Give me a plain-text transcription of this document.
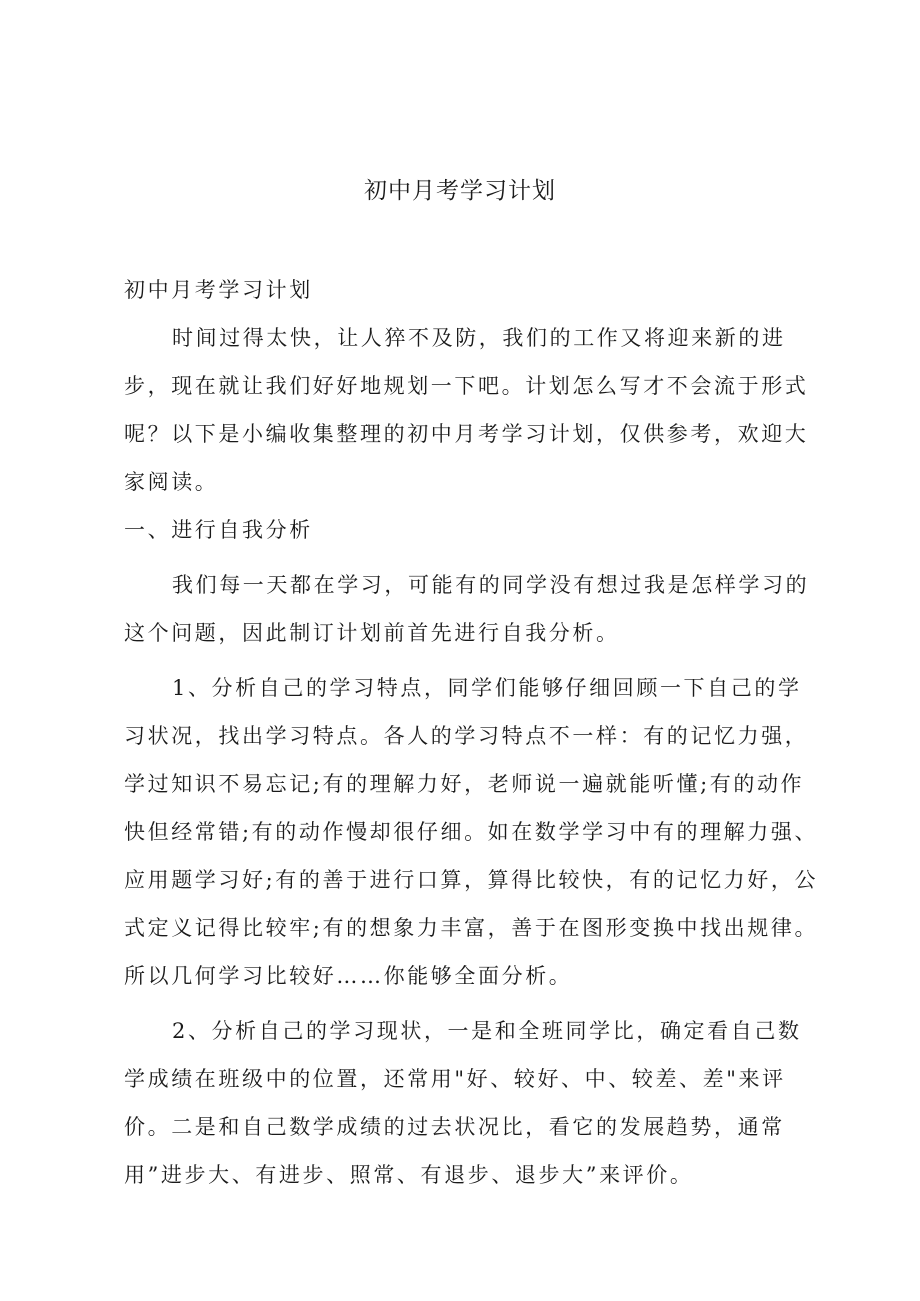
初中月考学习计划

初中月考学习计划

时间过得太快，让人猝不及防，我们的工作又将迎来新的进步，现在就让我们好好地规划一下吧。计划怎么写才不会流于形式呢？以下是小编收集整理的初中月考学习计划，仅供参考，欢迎大家阅读。

一、进行自我分析

我们每一天都在学习，可能有的同学没有想过我是怎样学习的这个问题，因此制订计划前首先进行自我分析。

1、分析自己的学习特点，同学们能够仔细回顾一下自己的学习状况，找出学习特点。各人的学习特点不一样：有的记忆力强，学过知识不易忘记;有的理解力好，老师说一遍就能听懂;有的动作快但经常错;有的动作慢却很仔细。如在数学学习中有的理解力强、应用题学习好;有的善于进行口算，算得比较快，有的记忆力好，公式定义记得比较牢;有的想象力丰富，善于在图形变换中找出规律。所以几何学习比较好……你能够全面分析。

2、分析自己的学习现状，一是和全班同学比，确定看自己数学成绩在班级中的位置，还常用"好、较好、中、较差、差"来评价。二是和自己数学成绩的过去状况比，看它的发展趋势，通常用”进步大、有进步、照常、有退步、退步大”来评价。
